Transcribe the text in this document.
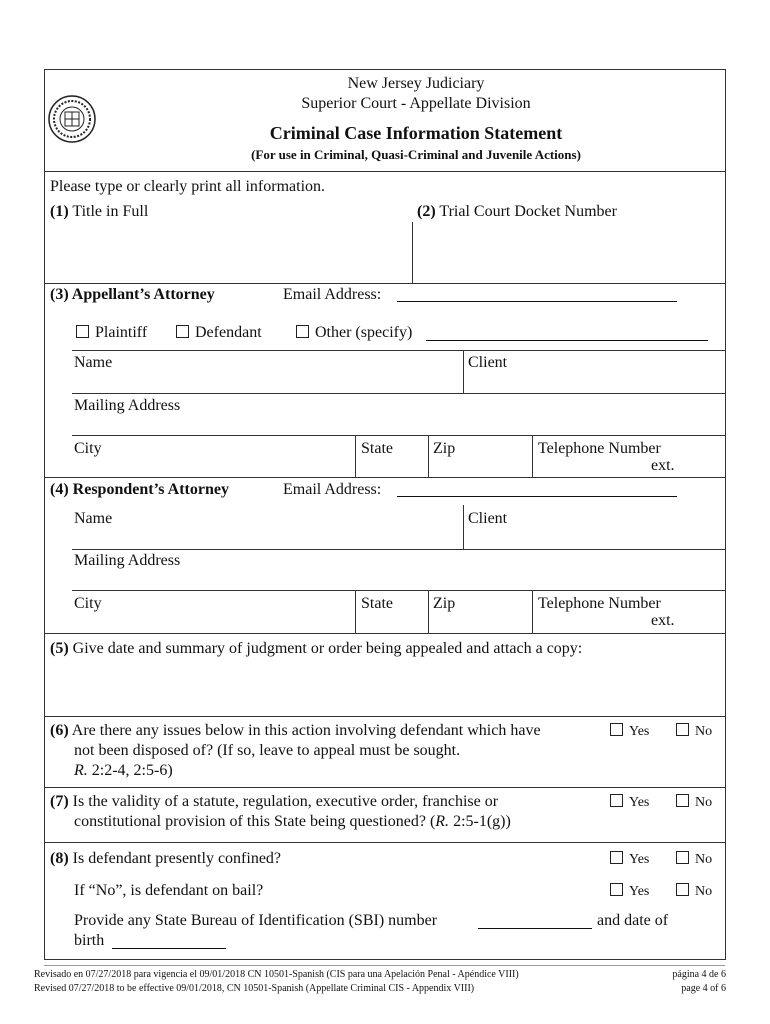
New Jersey Judiciary
Superior Court - Appellate Division
Criminal Case Information Statement
(For use in Criminal, Quasi-Criminal and Juvenile Actions)
Please type or clearly print all information.
(1) Title in Full	(2) Trial Court Docket Number
(3) Appellant’s Attorney	Email Address:
Plaintiff	Defendant	Other (specify)
Name	Client
Mailing Address
City	State	Zip	Telephone Number
ext.
(4) Respondent’s Attorney	Email Address:
Name	Client
Mailing Address
City	State	Zip	Telephone Number
ext.
(5) Give date and summary of judgment or order being appealed and attach a copy:
(6) Are there any issues below in this action involving defendant which have
not been disposed of? (If so, leave to appeal must be sought.
R. 2:2-4, 2:5-6)
Yes	No
(7) Is the validity of a statute, regulation, executive order, franchise or
constitutional provision of this State being questioned? (R. 2:5-1(g))
Yes	No
(8) Is defendant presently confined?	Yes	No
If “No”, is defendant on bail?	Yes	No
Provide any State Bureau of Identification (SBI) number	and date of
birth
Revisado en 07/27/2018 para vigencia el 09/01/2018 CN 10501-Spanish (CIS para una Apelación Penal - Apéndice VIII)
Revised 07/27/2018 to be effective 09/01/2018, CN 10501-Spanish (Appellate Criminal CIS - Appendix VIII)
página 4 de 6
page 4 of 6
